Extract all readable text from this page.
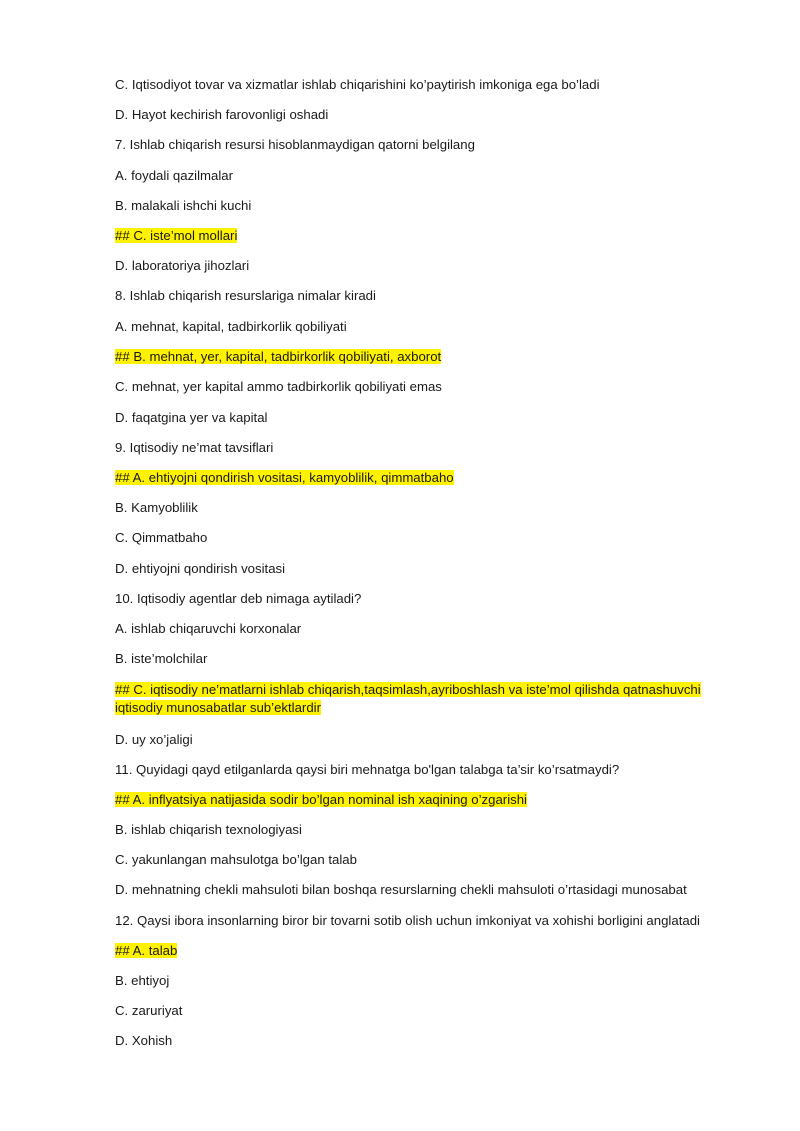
C. Iqtisodiyot tovar va xizmatlar ishlab chiqarishini ko’paytirish imkoniga ega bo’ladi
D. Hayot kechirish farovonligi oshadi
7. Ishlab chiqarish resursi hisoblanmaydigan qatorni belgilang
A. foydali qazilmalar
B. malakali ishchi kuchi
## C. iste’mol mollari
D. laboratoriya jihozlari
8. Ishlab chiqarish resurslariga nimalar kiradi
A. mehnat, kapital, tadbirkorlik qobiliyati
## B. mehnat, yer, kapital, tadbirkorlik qobiliyati, axborot
C. mehnat, yer kapital ammo tadbirkorlik qobiliyati emas
D. faqatgina yer va kapital
9. Iqtisodiy ne’mat tavsiflari
## A. ehtiyojni qondirish vositasi, kamyoblilik, qimmatbaho
B. Kamyoblilik
C. Qimmatbaho
D. ehtiyojni qondirish vositasi
10. Iqtisodiy agentlar deb nimaga aytiladi?
A. ishlab chiqaruvchi korxonalar
B. iste’molchilar
## C. iqtisodiy ne’matlarni ishlab chiqarish,taqsimlash,ayriboshlash va iste’mol qilishda qatnashuvchi iqtisodiy munosabatlar sub’ektlardir
D. uy xo’jaligi
11. Quyidagi qayd etilganlarda qaysi biri mehnatga bo'lgan talabga ta’sir ko’rsatmaydi?
## A. inflyatsiya natijasida sodir bo’lgan nominal ish xaqining o’zgarishi
B. ishlab chiqarish texnologiyasi
C. yakunlangan mahsulotga bo’lgan talab
D. mehnatning chekli mahsuloti bilan boshqa resurslarning chekli mahsuloti o’rtasidagi munosabat
12. Qaysi ibora insonlarning biror bir tovarni sotib olish uchun imkoniyat va xohishi borligini anglatadi
## A. talab
B. ehtiyoj
C. zaruriyat
D. Xohish
